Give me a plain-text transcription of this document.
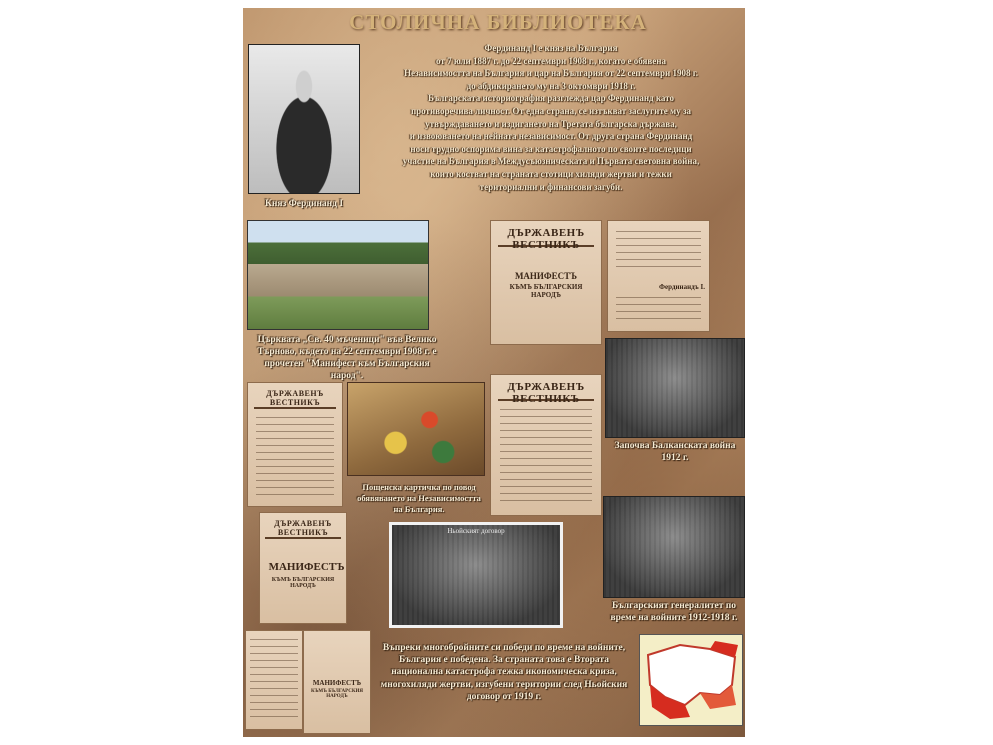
СТОЛИЧНА БИБЛИОТЕКА
Княз Фердинанд I
Фердинанд I е княз на България
от 7 юли 1887 г. до 22 септември 1908 г., когато е обявена
Независимостта на България и цар на България от 22 септември 1908 г.
до абдикирането му на 3 октомври 1918 г.
Българската историография разглежда цар Фердинанд като
противоречива личност. От една страна, се изтъкват заслугите му за
утвърждаването и издигането на Третата българска държава,
и извоюването на нейната независимост. От друга страна Фердинанд
носи трудно оспорима вина за катастрофалното по своите последици
участие на България в Междусъюзническата и Първата световна война,
които костват на страната стотици хиляди жертви и тежки
териториални и финансови загуби.
Църквата „Св. 40 мъченици" във Велико Търново, където на 22 септември 1908 г. е прочетен "Манифест към Българския народ".
ДЪРЖАВЕНЪ ВЕСТНИКЪ
МАНИФЕСТЪ
КЪМЪ БЪЛГАРСКИЯ НАРОДЪ
Фердинандъ I.
Започва Балканската война 1912 г.
ДЪРЖАВЕНЪ ВЕСТНИКЪ
Пощенска картичка по повод обявяването на Независимостта на България.
ДЪРЖАВЕНЪ ВЕСТНИКЪ
ДЪРЖАВЕНЪ ВЕСТНИКЪ
МАНИФЕСТЪ
КЪМЪ БЪЛГАРСКИЯ НАРОДЪ
Ньойският договор
Българският генералитет по време на войните 1912-1918 г.
МАНИФЕСТЪ
КЪМЪ БЪЛГАРСКИЯ НАРОДЪ
Въпреки многобройните си победи по време на войните, България е победена. За страната това е Втората национална катастрофа тежка икономическа криза, многохиляди жертви, изгубени територии след Ньойския договор от 1919 г.
